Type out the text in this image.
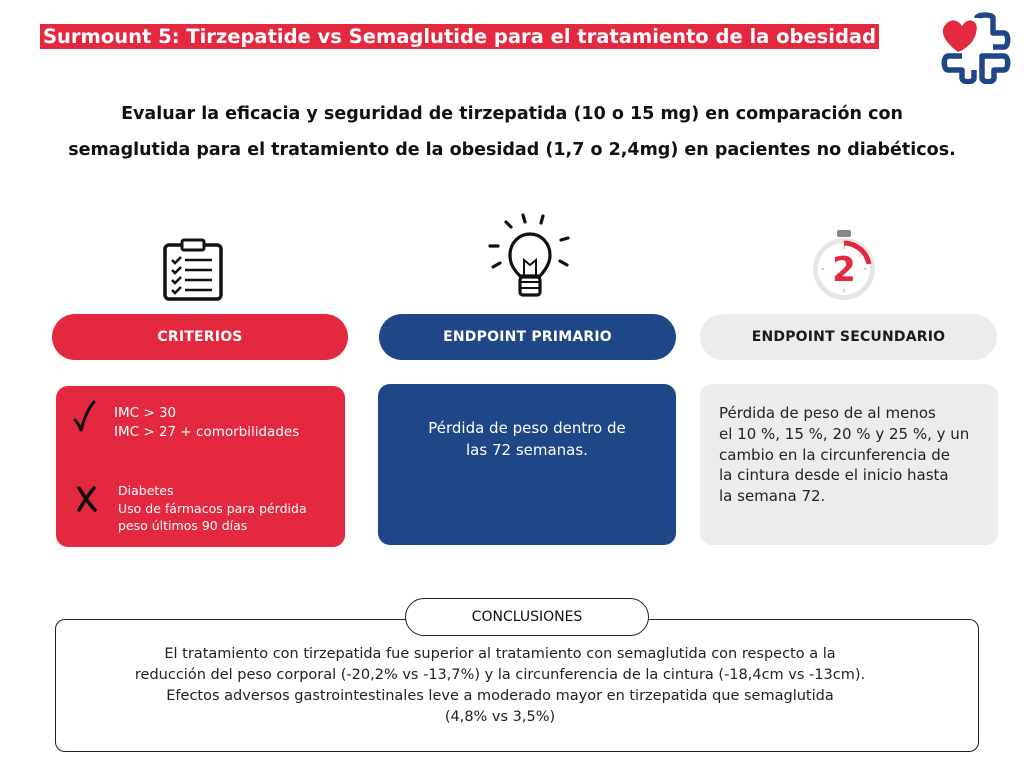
Surmount 5: Tirzepatide vs Semaglutide para el tratamiento de la obesidad
Evaluar la eficacia y seguridad de tirzepatida (10 o 15 mg) en comparación con
semaglutida para el tratamiento de la obesidad (1,7 o 2,4mg) en pacientes no diabéticos.
2
CRITERIOS	ENDPOINT PRIMARIO	ENDPOINT SECUNDARIO
IMC > 30
IMC > 27 + comorbilidades
Diabetes
Uso de fármacos para pérdida
peso últimos 90 días
Pérdida de peso dentro de
las 72 semanas.
Pérdida de peso de al menos
el 10 %, 15 %, 20 % y 25 %, y un
cambio en la circunferencia de
la cintura desde el inicio hasta
la semana 72.
CONCLUSIONES
El tratamiento con tirzepatida fue superior al tratamiento con semaglutida con respecto a la
reducción del peso corporal (-20,2% vs -13,7%) y la circunferencia de la cintura (-18,4cm vs -13cm).
Efectos adversos gastrointestinales leve a moderado mayor en tirzepatida que semaglutida
(4,8% vs 3,5%)
